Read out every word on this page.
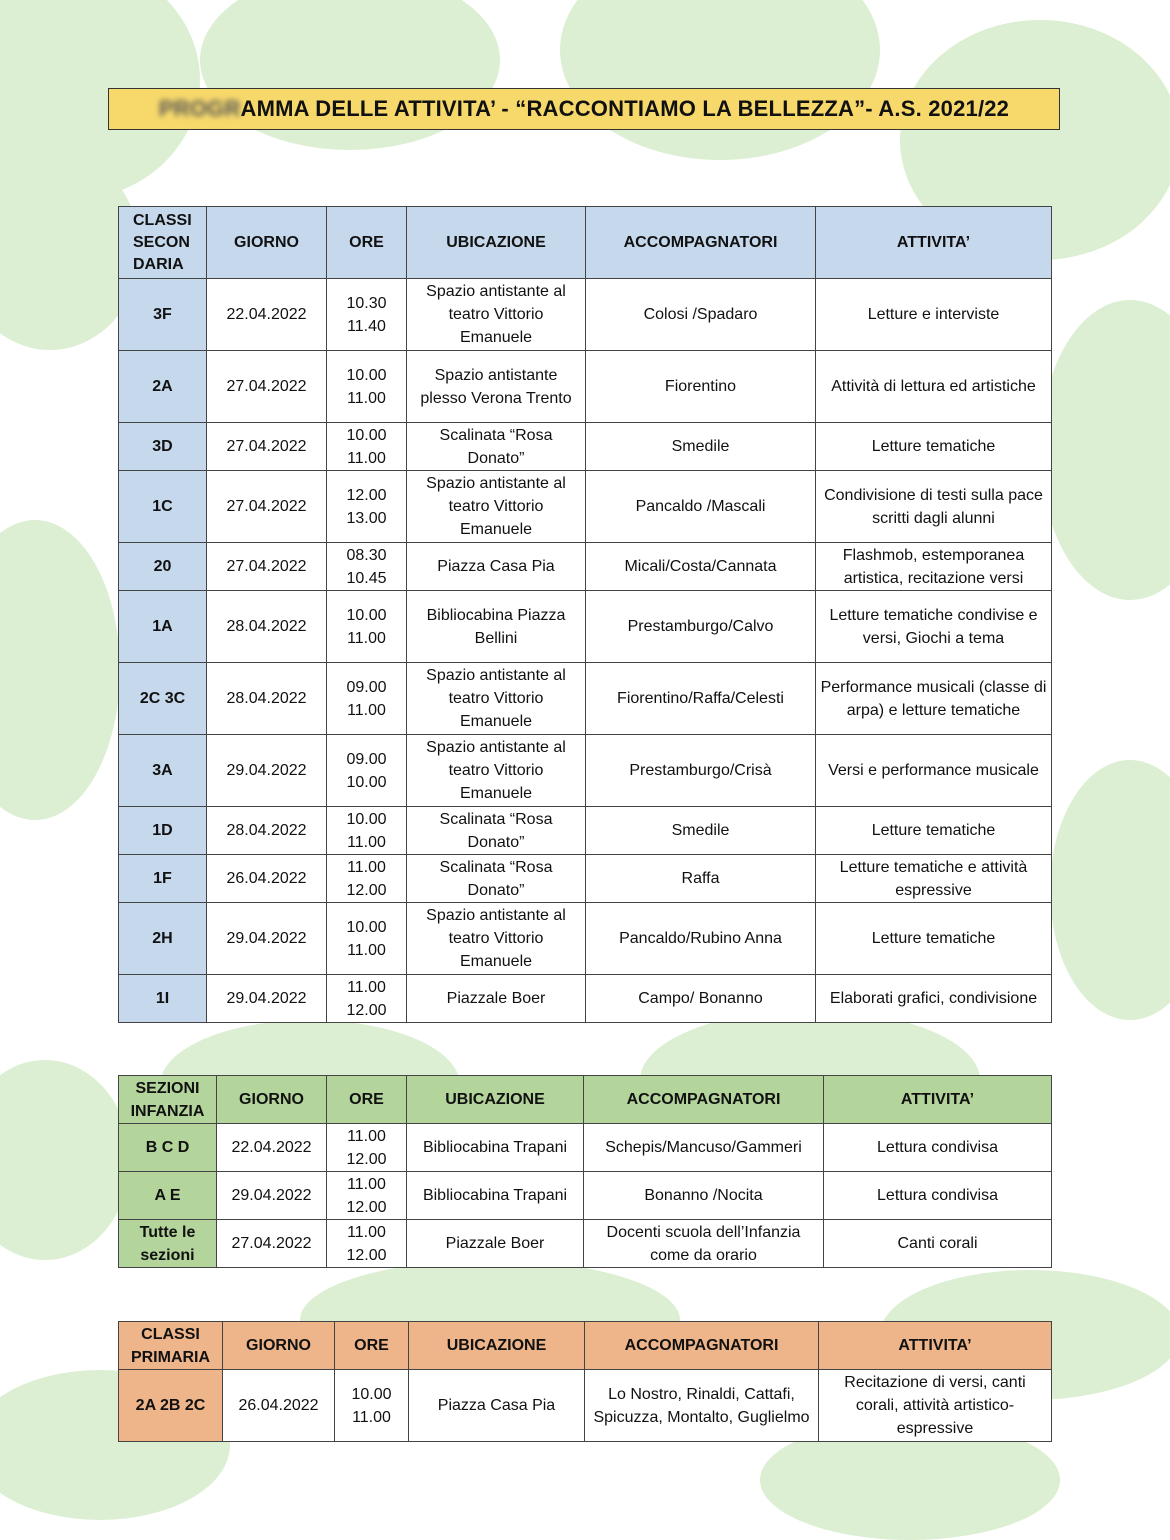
PROGRAMMA DELLE ATTIVITA’ - “RACCONTIAMO LA BELLEZZA”- A.S. 2021/22
CLASSI SECON DARIA	GIORNO	ORE	UBICAZIONE	ACCOMPAGNATORI	ATTIVITA’
3F	22.04.2022	10.30 11.40	Spazio antistante al teatro Vittorio Emanuele	Colosi /Spadaro	Letture e interviste
2A	27.04.2022	10.00 11.00	Spazio antistante plesso Verona Trento	Fiorentino	Attività di lettura ed artistiche
3D	27.04.2022	10.00 11.00	Scalinata “Rosa Donato”	Smedile	Letture tematiche
1C	27.04.2022	12.00 13.00	Spazio antistante al teatro Vittorio Emanuele	Pancaldo /Mascali	Condivisione di testi sulla pace scritti dagli alunni
20	27.04.2022	08.30 10.45	Piazza Casa Pia	Micali/Costa/Cannata	Flashmob, estemporanea artistica, recitazione versi
1A	28.04.2022	10.00 11.00	Bibliocabina Piazza Bellini	Prestamburgo/Calvo	Letture tematiche condivise e versi, Giochi a tema
2C 3C	28.04.2022	09.00 11.00	Spazio antistante al teatro Vittorio Emanuele	Fiorentino/Raffa/Celesti	Performance musicali (classe di arpa) e letture tematiche
3A	29.04.2022	09.00 10.00	Spazio antistante al teatro Vittorio Emanuele	Prestamburgo/Crisà	Versi e performance musicale
1D	28.04.2022	10.00 11.00	Scalinata “Rosa Donato”	Smedile	Letture tematiche
1F	26.04.2022	11.00 12.00	Scalinata “Rosa Donato”	Raffa	Letture tematiche e attività espressive
2H	29.04.2022	10.00 11.00	Spazio antistante al teatro Vittorio Emanuele	Pancaldo/Rubino Anna	Letture tematiche
1I	29.04.2022	11.00 12.00	Piazzale Boer	Campo/ Bonanno	Elaborati grafici, condivisione
SEZIONI INFANZIA	GIORNO	ORE	UBICAZIONE	ACCOMPAGNATORI	ATTIVITA’
B C D	22.04.2022	11.00 12.00	Bibliocabina Trapani	Schepis/Mancuso/Gammeri	Lettura condivisa
A E	29.04.2022	11.00 12.00	Bibliocabina Trapani	Bonanno /Nocita	Lettura condivisa
Tutte le sezioni	27.04.2022	11.00 12.00	Piazzale Boer	Docenti scuola dell’Infanzia come da orario	Canti corali
CLASSI PRIMARIA	GIORNO	ORE	UBICAZIONE	ACCOMPAGNATORI	ATTIVITA’
2A 2B 2C	26.04.2022	10.00 11.00	Piazza Casa Pia	Lo Nostro, Rinaldi, Cattafi, Spicuzza, Montalto, Guglielmo	Recitazione di versi, canti corali, attività artistico-espressive
